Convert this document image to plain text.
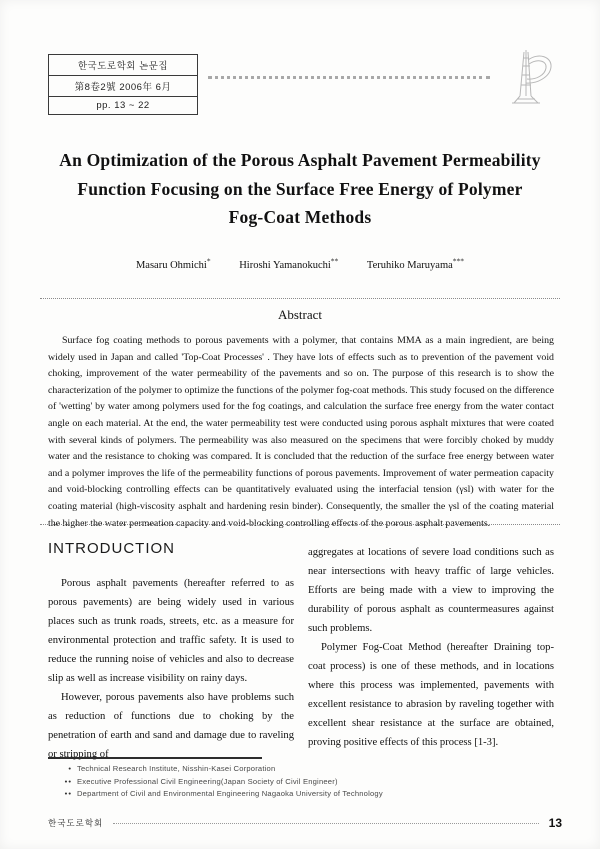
한국도로학회 논문집
第8卷2號 2006年 6月
pp. 13 ~ 22
An Optimization of the Porous Asphalt Pavement Permeability
Function Focusing on the Surface Free Energy of Polymer
Fog-Coat Methods
Masaru Ohmichi*	Hiroshi Yamanokuchi**	Teruhiko Maruyama***
Abstract
Surface fog coating methods to porous pavements with a polymer, that contains MMA as a main ingredient, are being widely used in Japan and called 'Top-Coat Processes' . They have lots of effects such as to prevention of the pavement void choking, improvement of the water permeability of the pavements and so on. The purpose of this research is to show the characterization of the polymer to optimize the functions of the polymer fog-coat methods. This study focused on the difference of 'wetting' by water among polymers used for the fog coatings, and calculation the surface free energy from the water contact angle on each material. At the end, the water permeability test were conducted using porous asphalt mixtures that were coated with several kinds of polymers. The permeability was also measured on the specimens that were forcibly choked by muddy water and the resistance to choking was compared. It is concluded that the reduction of the surface free energy between water and a polymer improves the life of the permeability functions of porous pavements. Improvement of water permeation capacity and void-blocking controlling effects can be quantitatively evaluated using the interfacial tension (γsl) with water for the coating material (high-viscosity asphalt and hardening resin binder). Consequently, the smaller the γsl of the coating material the higher the water permeation capacity and void-blocking controlling effects of the porous asphalt pavements.
INTRODUCTION

Porous asphalt pavements (hereafter referred to as porous pavements) are being widely used in various places such as trunk roads, streets, etc. as a measure for environmental protection and traffic safety. It is used to reduce the running noise of vehicles and also to decrease slip as well as increase visibility on rainy days.

However, porous pavements also have problems such as reduction of functions due to choking by the penetration of earth and sand and damage due to raveling or stripping of

aggregates at locations of severe load conditions such as near intersections with heavy traffic of large vehicles. Efforts are being made with a view to improving the durability of porous asphalt as countermeasures against such problems.

Polymer Fog-Coat Method (hereafter Draining top-coat process) is one of these methods, and in locations where this process was implemented, pavements with excellent resistance to abrasion by raveling together with excellent shear resistance at the surface are obtained, proving positive effects of this process [1-3].

• Technical Research Institute, Nisshin-Kasei Corporation
•• Executive Professional Civil Engineering(Japan Society of Civil Engineer)
•• Department of Civil and Environmental Engineering Nagaoka University of Technology
한국도로학회	13
